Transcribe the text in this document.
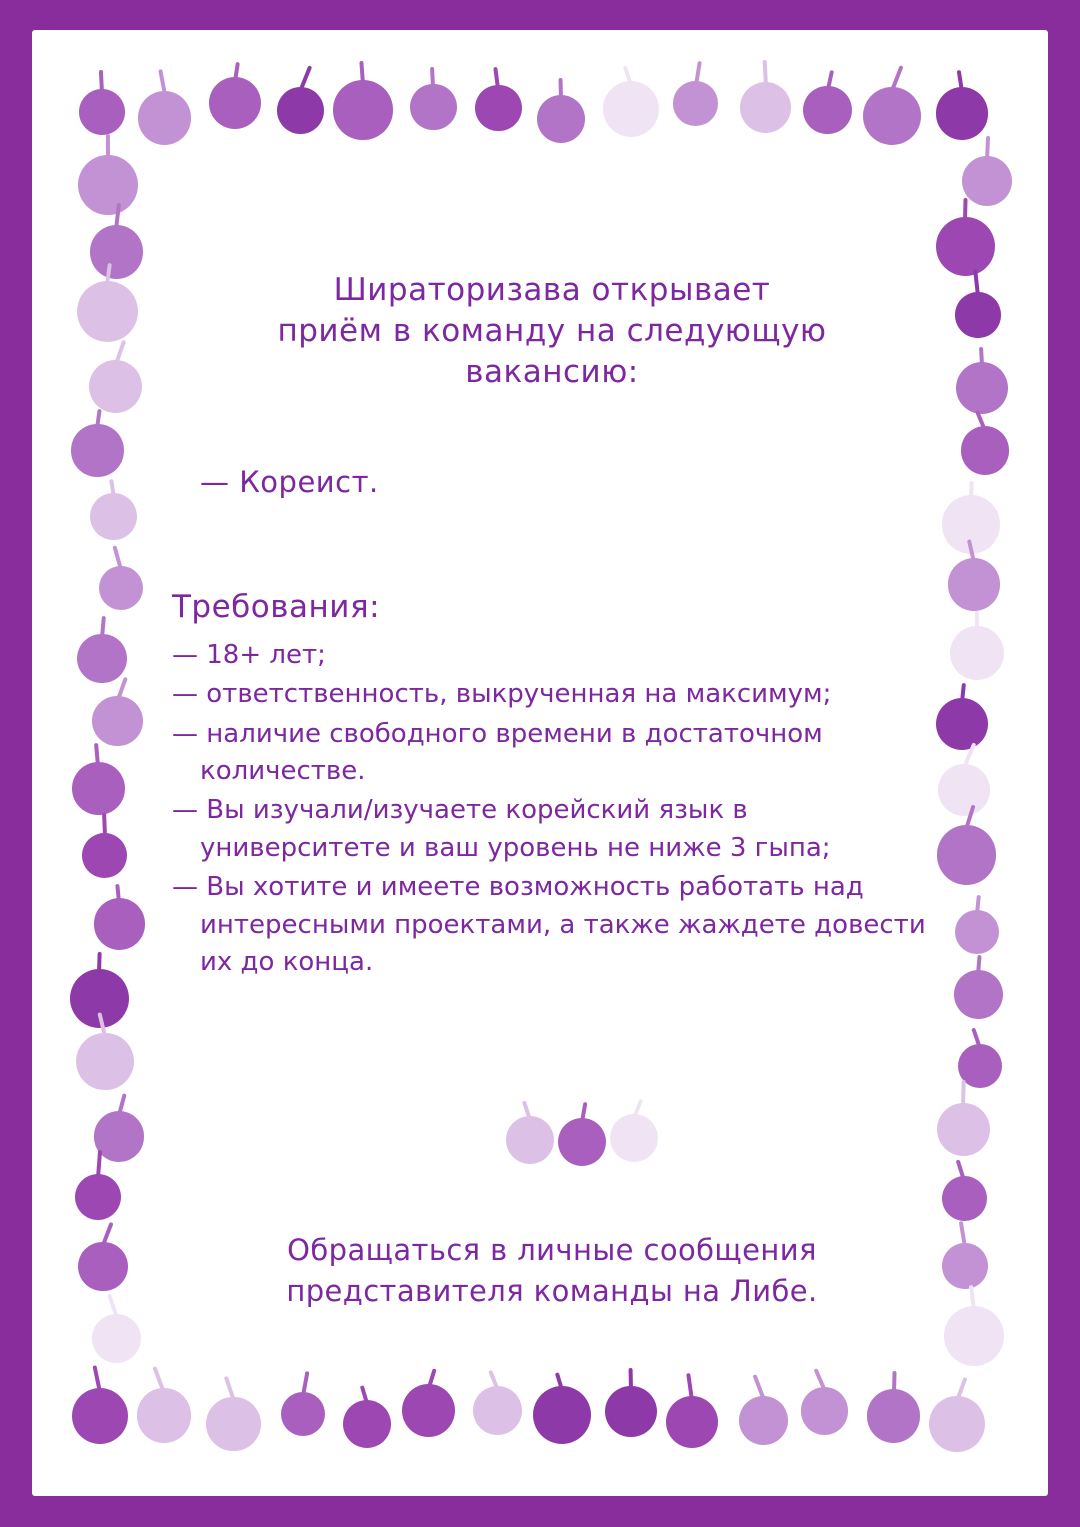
Шираторизава открывает
приём в команду на следующую
вакансию:
— Кореист.
Требования:
— 18+ лет;
— ответственность, выкрученная на максимум;
— наличие свободного времени в достаточном количестве.
— Вы изучали/изучаете корейский язык в университете и ваш уровень не ниже 3 гыпа;
— Вы хотите и имеете возможность работать над интересными проектами, а также жаждете довести их до конца.
Обращаться в личные сообщения
представителя команды на Либе.
